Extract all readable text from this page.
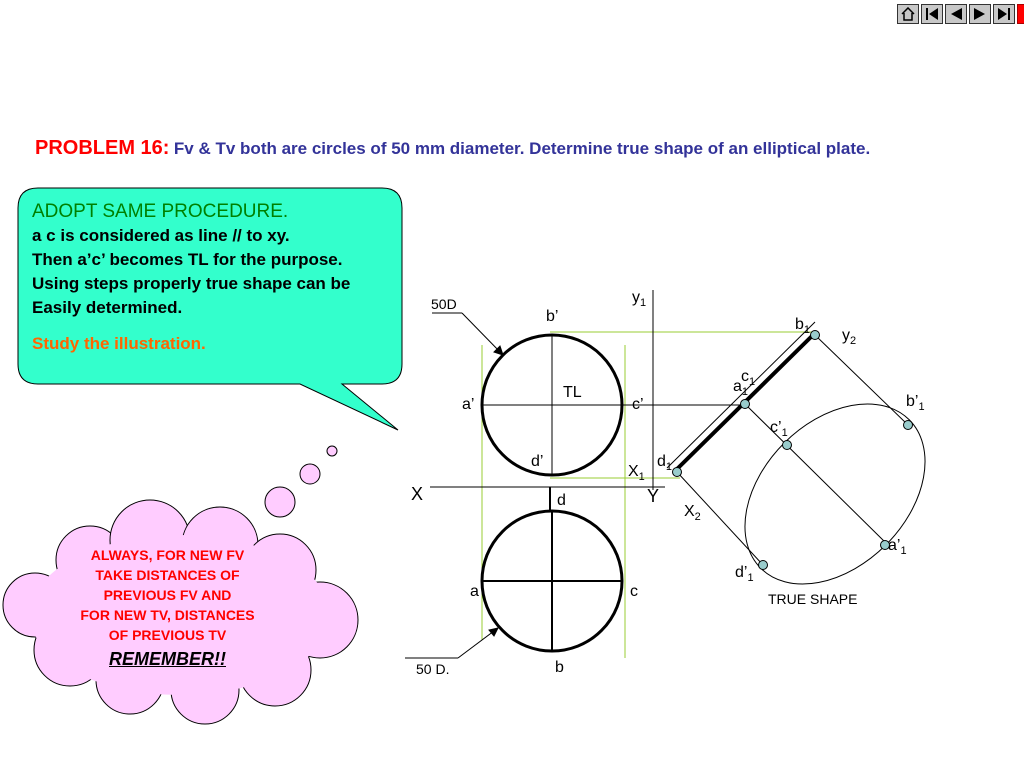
PROBLEM 16: Fv & Tv both are circles of 50 mm diameter. Determine true shape of an elliptical plate.
50D
50 D.
b’
a’	c’
d’
TL
X	Y
d
a	c
b
$y_1$
$X_1$
$b_1$ $y_2$
$c_1$
$a_1$
$d_1$
$X_2$
$b’_1$
$c’_1$
$a’_1$
$d’_1$
TRUE SHAPE
ADOPT SAME PROCEDURE.
a c is considered as line // to xy.
Then a’c’ becomes TL for the purpose.
Using steps properly true shape can be
Easily determined.
Study the illustration.
ALWAYS, FOR NEW FV
TAKE DISTANCES OF
PREVIOUS FV AND
FOR NEW TV, DISTANCES
OF PREVIOUS TV
REMEMBER!!
